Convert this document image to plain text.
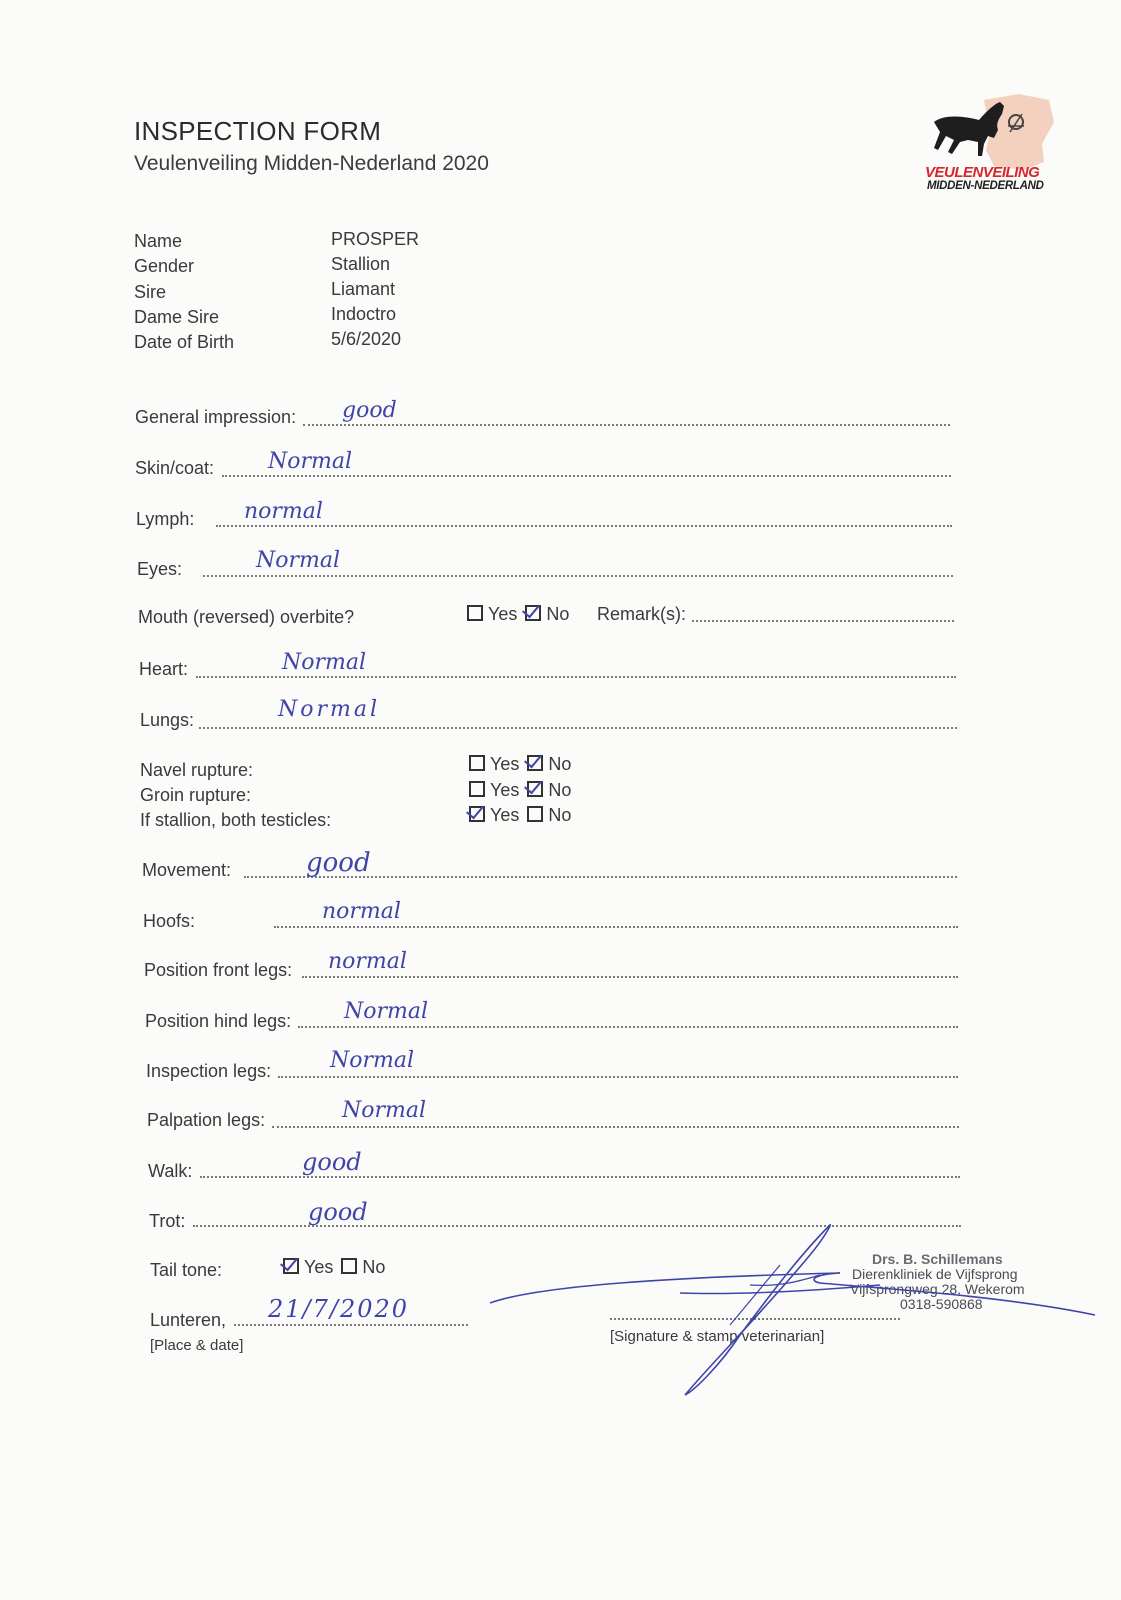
INSPECTION FORM
Veulenveiling Midden-Nederland 2020	VEULENVEILING
MIDDEN-NEDERLAND
Name	PROSPER
Gender	Stallion
Sire	Liamant
Dame Sire	Indoctro
Date of Birth	5/6/2020
General impression: good
Skin/coat: Normal
Lymph: normal
Eyes:	Normal
Mouth (reversed) overbite?	Yes No Remark(s):
Heart:	Normal
Lungs:	Normal
Navel rupture:	Yes No
Groin rupture:	Yes No
If stallion, both testicles:	Yes No
Movement:	good
Hoofs:	normal
Position front legs: normal
Position hind legs: Normal
Inspection legs:	Normal
Palpation legs:	Normal
Walk:	good
Trot:	good
Tail tone:	Yes No
Lunteren, 21/7/2020
[Place & date]
[Signature & stamp veterinarian]
Drs. B. Schillemans
Dierenkliniek de Vijfsprong
Vijfsprongweg 28, Wekerom
0318-590868
